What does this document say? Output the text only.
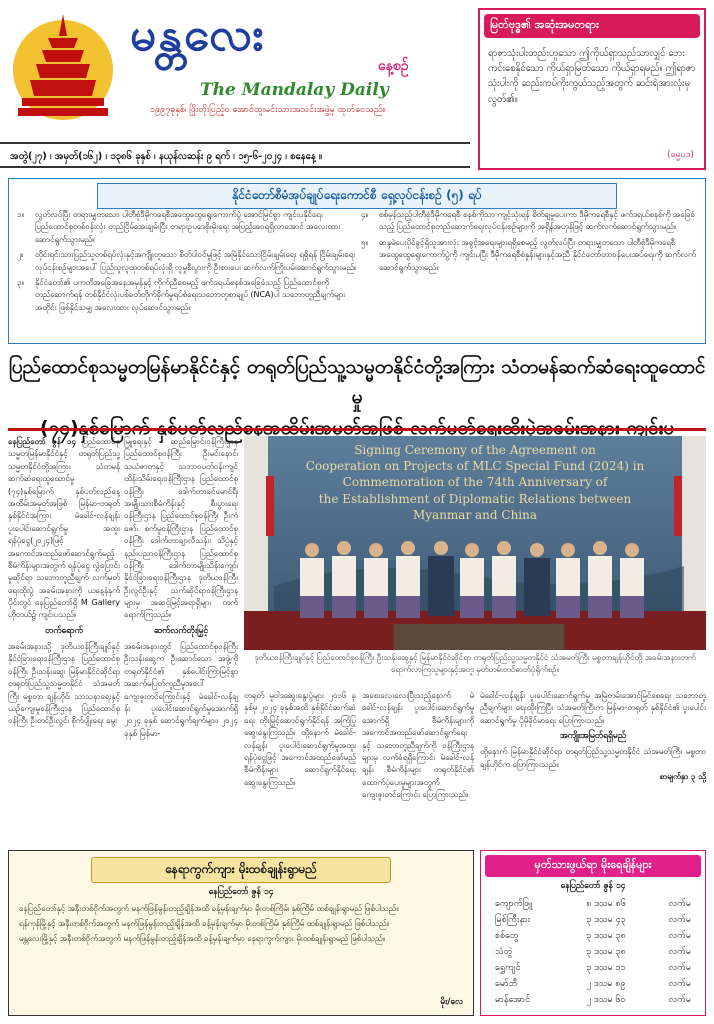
မန္တလေး
နေ့စဉ်
The Mandalay Daily
၁၉၉၇ခုနှစ်၊ ဖြိုးတိုးပြည့်ဝ အောင်ထူးမင်းသားအသင်းအဖွဲ့မှ ထုတ်ဝေသည်။
မြတ်ဗုဒ္ဓ၏ အဆုံးအမတရား
ရာဇာသုံးပါးတည်းဟူသော ဤကိုယ်ရှာသည်သာလျှင် ဘေးကင်းစေနိုင်သော ကိုယ်ရှာမြတ်သော ကိုယ်ရှာရမည်။ ဤရာဇာသုံးပါးကို ဆည်းကပ်ကိုးကွယ်သည့်အတွက် ဆင်းရဲအားလုံးမှ လွတ်၏။
(ဓမ္မပဒ)
အတွဲ(၂၇) ၊ အမှတ်(၁၆၂) ၊ ၁၃၈၆ ခုနှစ် ၊ နယုန်လဆန်း ၉ ရက် ၊ ၁၅-၆-၂၀၂၄ ၊ စနေနေ့ ။
နိုင်ငံတော်စီမံအုပ်ချုပ်ရေးကောင်စီ ရှေ့လုပ်ငန်းစဉ် (၅) ရပ်

၁။	လွတ်လပ်ပြီး တရားမျှတသော ပါတီစုံဒီမိုကရေစီအထွေထွေရွေးကောက်ပွဲ အောင်မြင်စွာ ကျင်းပနိုင်ရေး ပြည်ထောင်စုတစ်ဝန်းလုံး တည်ငြိမ်အေးချမ်းပြီး တရားဥပဒေစိုးမိုးရေး အပြည့်အဝရရှိလာအောင် အလေးထားဆောင်ရွက်သွားမည်။

၂။	တိုင်းရင်းသားပြည်သူတစ်ရပ်လုံးနှင့်အကျိုးတူသော စိတ်ပါဝင်မှုဖြင့် အမြဲနိုင်သောငြိမ်းချမ်းရေး ရရှိရန် ငြိမ်းချမ်းရေးလုပ်ငန်းစဉ်များအပေါ် ပြည်သူလူထုတစ်ရပ်လုံးရှိ လူမှုစီးပွားကို ဦးစားပေး ဆက်လက်ကြိုးပမ်းဆောင်ရွက်သွားမည်။

၃။	နိုင်ငံတော်၏ ပကတိအခြေအနေအမှန်နှင့် ကိုက်ညီစေမည့် ဖက်ဒရယ်စနစ်အခြေခံသည့် ပြည်ထောင်စုကို တည်ဆောက်ရန် တစ်နိုင်ငံလုံးပစ်ခတ်တိုက်ခိုက်မှုရပ်စဲရေးသဘောတူစာချုပ် (NCA)ပါ သဘောတူညီချက်များအတိုင်း ဖြစ်နိုင်သမျှ အလေးထား လုပ်ဆောင်သွားမည်။

၄။	စစ်မှန်သည့်ပါတီစုံဒီမိုကရေစီ စနစ်ကိုသာ ကျင့်သုံးရန် စိတ်ချမှုပေးကာ ဒီမိုကရေစီနှင့် ဖက်ဒရယ်စနစ်ကို အခြေခံသည့် ပြည်ထောင်စုတည်ဆောက်ရေးလုပ်ငန်းစဉ်များကို အရှိန်အဟုန်ဖြင့် ဆက်လက်ဆောင်ရွက်သွားမည်။

၅။	ဆန္ဒမဲပေးပိုင်ခွင့်ရှိသူအားလုံး အခွင့်အရေးများရရှိစေမည့် လွတ်လပ်ပြီး တရားမျှတသော ပါတီစုံဒီမိုကရေစီအထွေထွေရွေးကောက်ပွဲကို ကျင်းပပြီး ဒီမိုကရေစီစံနှုန်းများနှင့်အညီ နိုင်ငံတော်တာဝန်ပေးအပ်ရေးကို ဆက်လက်ဆောင်ရွက်သွားမည်။

ပြည်ထောင်စုသမ္မတမြန်မာနိုင်ငံနှင့် တရုတ်ပြည်သူ့သမ္မတနိုင်ငံတို့အကြား သံတမန်ဆက်ဆံရေးထူထောင်မှု

နေပြည်တော် ဇွန် ၁၄ ပြည်ထောင်စုသမ္မတမြန်မာနိုင်ငံနှင့် တရုတ်ပြည်သူ့သမ္မတနိုင်ငံတို့အကြား သံတမန်ဆက်ဆံရေးထူထောင်မှု (၇၄)နှစ်မြောက် နှစ်ပတ်လည်နေ့ အထိမ်းအမှတ်အဖြစ် မြန်မာ-တရုတ် နှစ်နိုင်ငံအကြား မဲခေါင်-လန်ချန်း ပူးပေါင်းဆောင်ရွက်မှု အထူးရန်ပုံငွေ(၂၀၂၄)ဖြင့် အကောင်အထည်ဖော်ဆောင်ရွက်မည့် စီမံကိန်းများအတွက် ရန်ပုံငွေ လွှဲပြောင်းမှုဆိုင်ရာ သဘောတူညီချက် လက်မှတ်ရေးထိုးပွဲ အခမ်းအနားကို ယနေ့နံနက်ပိုင်းတွင် နေပြည်တော်ရှိ M Gallery ဟိုတယ်၌ ကျင်းပသည်။

တက်ရောက်

အခမ်းအနားသို့ ဒုတိယဝန်ကြီးချုပ်နှင့် နိုင်ငံခြားရေးဝန်ကြီးဌာန ပြည်ထောင်စုဝန်ကြီး ဦးသန်းဆွေ၊ မြန်မာနိုင်ငံဆိုင်ရာ တရုတ်ပြည်သူ့သမ္မတနိုင်ငံ သံအမတ်ကြီး မစ္စတာ ချန်ဟိုင်၊ သာသနာရေးနှင့် ယဉ်ကျေးမှုဝန်ကြီးဌာန ပြည်ထောင်စုဝန်ကြီး ဦးတင်ဦးလွင်၊ စိုက်ပျိုးရေး မွေး

မြူရေးနှင့် ဆည်မြောင်းဝန်ကြီးဌာန ပြည်ထောင်စုဝန်ကြီး ဦးမင်းနောင်၊ သယံဇာတနှင့် သဘာဝပတ်ဝန်းကျင်ထိန်းသိမ်းရေးဝန်ကြီးဌာန ပြည်ထောင်စုဝန်ကြီး ဒေါက်တာခင်မောင်ရီ၊ အမျိုးသားစီမံကိန်းနှင့် စီးပွားရေးဝန်ကြီးဌာန ပြည်ထောင်စုဝန်ကြီး ဦးကံဇော်၊ စက်မှုဝန်ကြီးဌာန ပြည်ထောင်စုဝန်ကြီး ဒေါက်တာချာလီသန်း၊ သိပ္ပံနှင့် နည်းပညာဝန်ကြီးဌာန ပြည်ထောင်စုဝန်ကြီး ဒေါက်တာမျိုးသိန်းကျော်၊ နိုင်ငံခြားရေးဝန်ကြီးဌာန ဒုတိယဝန်ကြီး ဦးလွင်ဦးနှင့် သက်ဆိုင်ရာဝန်ကြီးဌာနများမှ အဆင့်မြင့်အရာရှိများ တက်ရောက်ကြသည်။

ဆက်လက်တိုးမြှင့်

အခမ်းအနားတွင် ပြည်ထောင်စုဝန်ကြီးဦးသန်းဆွေက ဦးဆောင်သော အဖွဲ့ကို တရုတ်နိုင်ငံ၏ နှစ်ပေါင်းကြာမြင့်စွာ အဆက်မပြတ်ကူညီမှုအပေါ် ကျေးဇူးတင်ကြောင်းနှင့် မဲခေါင်-လန်ချန်း ပူးပေါင်းဆောင်ရွက်မှုအောက်ရှိ ၂၀၂၄ ခုနှစ် ဆောင်ရွက်ချက်များ၊ ၂၀၂၄ ခုနှစ် မြန်မာ-

Signing Ceremony of the Agreement on
Cooperation on Projects of MLC Special Fund (2024) in
Commemoration of the 74th Anniversary of
the Establishment of Diplomatic Relations between
Myanmar and China
ဒုတိယဝန်ကြီးချုပ်နှင့် ပြည်ထောင်စုဝန်ကြီး ဦးသန်းဆွေနှင့် မြန်မာနိုင်ငံဆိုင်ရာ တရုတ်ပြည်သူ့သမ္မတနိုင်ငံ သံအမတ်ကြီး မစ္စတာချန်ဟိုင်တို့ အခမ်းအနားတက်ရောက်လာကြသူများနှင့်အတူ မှတ်တမ်းတင်ဓာတ်ပုံရိုက်စဉ်။

တရုတ် မူဝါဒဆွေးနွေးပွဲများ ၂၀၁၆ ခုနှစ်မှ ၂၀၂၄ ခုနှစ်အထိ နှစ်နိုင်ငံဆက်ဆံရေး တိုးမြှင့်ဆောင်ရွက်နိုင်ရန် အကြံပြုဆွေးနွေးကြသည်။ ထို့နောက် မဲခေါင်-လန်ချန်း ပူးပေါင်းဆောင်ရွက်မှုအထူးရန်ပုံငွေဖြင့် အကောင်အထည်ဖော်မည့် စီမံကိန်းများ ဆောင်ရွက်နိုင်ရေး ဆွေးနွေးကြသည်။

အစေးလေးလေးပြီးသည့်နောက် မဲခေါင်-လန်ချန်း ပူးပေါင်းဆောင်ရွက်မှုအောက်ရှိ စီမံကိန်းများကို အကောင်အထည်ဖော်ဆောင်ရွက်ရေးနှင့် သဘောတူညီချက်ကို ဝန်ကြီးဌာနများမှ လက်ခံရရှိကြောင်း မဲခေါင်-လန်ချန်း စီမံကိန်းများ တရုတ်နိုင်ငံ၏ ထောက်ပံ့ပေးမှုများအတွက် ကျေးဇူးတင်ကြောင်း ပြောကြားသည်။

မဲခေါင်-လန်ချန်း ပူးပေါင်းဆောင်ရွက်မှု အမြဲတမ်းအောင်မြင်စေရေး သဘောတူညီချက်များ ရေးထိုးကြပြီး သံအမတ်ကြီးက မြန်မာ-တရုတ် နှစ်နိုင်ငံ၏ ပူးပေါင်းဆောင်ရွက်မှု ပိုမိုခိုင်မာရေး ပြောကြားသည်။

အကျိုးအမြတ်ရရှိမည်

ထို့နောက် မြန်မာနိုင်ငံဆိုင်ရာ တရုတ်ပြည်သူ့သမ္မတနိုင်ငံ သံအမတ်ကြီး မစ္စတာချန်ဟိုင်က ပြောကြားသည်။

စာမျက်နှာ ၃ သို့

နေရာကွက်ကျား မိုးထစ်ချုန်းရွာမည်
နေပြည်တော် ဇွန် ၁၄

နေပြည်တော်နှင့် အနီးတစ်ဝိုက်အတွက် မနက်ဖြန်မွန်းတည့်ချိန်အထိ ခန့်မှန်းချက်မှာ မိုးတစ်ကြိမ်၊ နှစ်ကြိမ် ထစ်ချုန်းရွာမည် ဖြစ်ပါသည်။

ရန်ကုန်မြို့နှင့် အနီးတစ်ဝိုက်အတွက် မနက်ဖြန်မွန်းတည့်ချိန်အထိ ခန့်မှန်းချက်မှာ မိုးတစ်ကြိမ်၊ နှစ်ကြိမ် ထစ်ချုန်းရွာမည် ဖြစ်ပါသည်။

မန္တလေးမြို့နှင့် အနီးတစ်ဝိုက်အတွက် မနက်ဖြန်မွန်းတည့်ချိန်အထိ ခန့်မှန်းချက်မှာ နေရာကွက်ကျား မိုးထစ်ချုန်းရွာမည် ဖြစ်ပါသည်။

မိုး/လေ
မှတ်သားဖွယ်ရာ မိုးရေချိန်များ
နေပြည်တော် ဇွန် ၁၄
ကျောက်ဖြူ	၈ ဒသမ ၈၆	လက်မ
မြစ်ကြီးနား	၃ ဒသမ ၄၃	လက်မ
စစ်တွေ	၃ ဒသမ ၃၈	လက်မ
သံတွဲ	၃ ဒသမ ၃၈	လက်မ
ရွှေကျင်	၃ ဒသမ ၁၁	လက်မ
မော်ဘီ	၂ ဒသမ ၈၉	လက်မ
မာန်အောင်	၂ ဒသမ ၆၀	လက်မ
